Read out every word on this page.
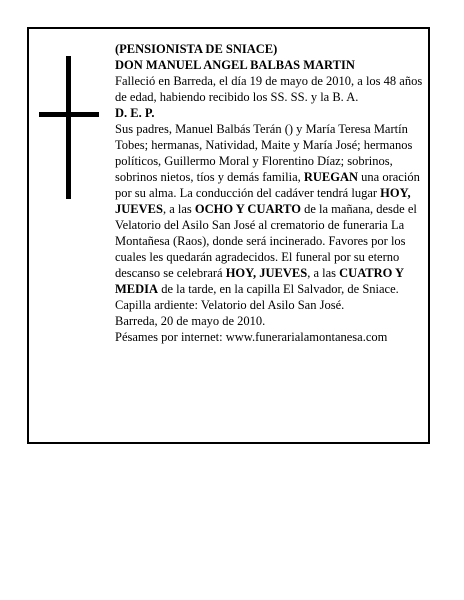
(PENSIONISTA DE SNIACE)

DON MANUEL ANGEL BALBAS MARTIN

Falleció en Barreda, el día 19 de mayo de 2010, a los 48 años de edad, habiendo recibido los SS. SS. y la B. A.

D. E. P.

Sus padres, Manuel Balbás Terán () y María Teresa Martín Tobes; hermanas, Natividad, Maite y María José; hermanos políticos, Guillermo Moral y Florentino Díaz; sobrinos, sobrinos nietos, tíos y demás familia, RUEGAN una oración por su alma. La conducción del cadáver tendrá lugar HOY, JUEVES, a las OCHO Y CUARTO de la mañana, desde el Velatorio del Asilo San José al crematorio de funeraria La Montañesa (Raos), donde será incinerado. Favores por los cuales les quedarán agradecidos. El funeral por su eterno descanso se celebrará HOY, JUEVES, a las CUATRO Y MEDIA de la tarde, en la capilla El Salvador, de Sniace. Capilla ardiente: Velatorio del Asilo San José.

Barreda, 20 de mayo de 2010.

Pésames por internet: www.funerarialamontanesa.com
